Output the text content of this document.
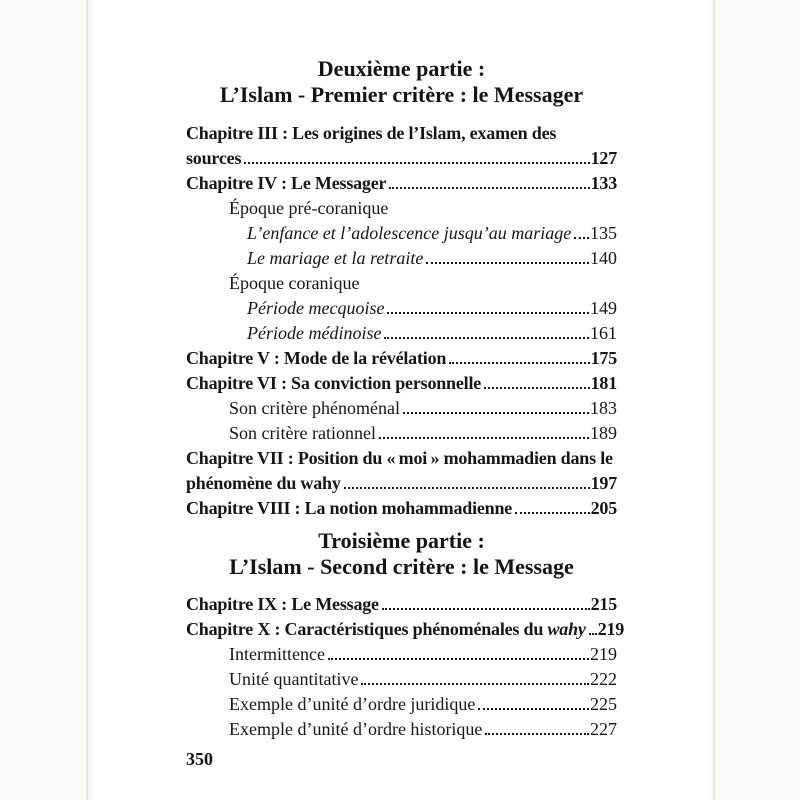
Deuxième partie :
L’Islam - Premier critère : le Messager
Chapitre III : Les origines de l’Islam, examen des
sources	127
Chapitre IV : Le Messager	133
Époque pré-coranique
L’enfance et l’adolescence jusqu’au mariage 135
Le mariage et la retraite	140
Époque coranique
Période mecquoise	149
Période médinoise	161
Chapitre V : Mode de la révélation	175
Chapitre VI : Sa conviction personnelle	181
Son critère phénoménal	183
Son critère rationnel	189
Chapitre VII : Position du « moi » mohammadien dans le
phénomène du wahy	197
Chapitre VIII : La notion mohammadienne	205
Troisième partie :
L’Islam - Second critère : le Message
Chapitre IX : Le Message	215
Chapitre X : Caractéristiques phénoménales du wahy 219
Intermittence	219
Unité quantitative	222
Exemple d’unité d’ordre juridique	225
Exemple d’unité d’ordre historique	227
350
